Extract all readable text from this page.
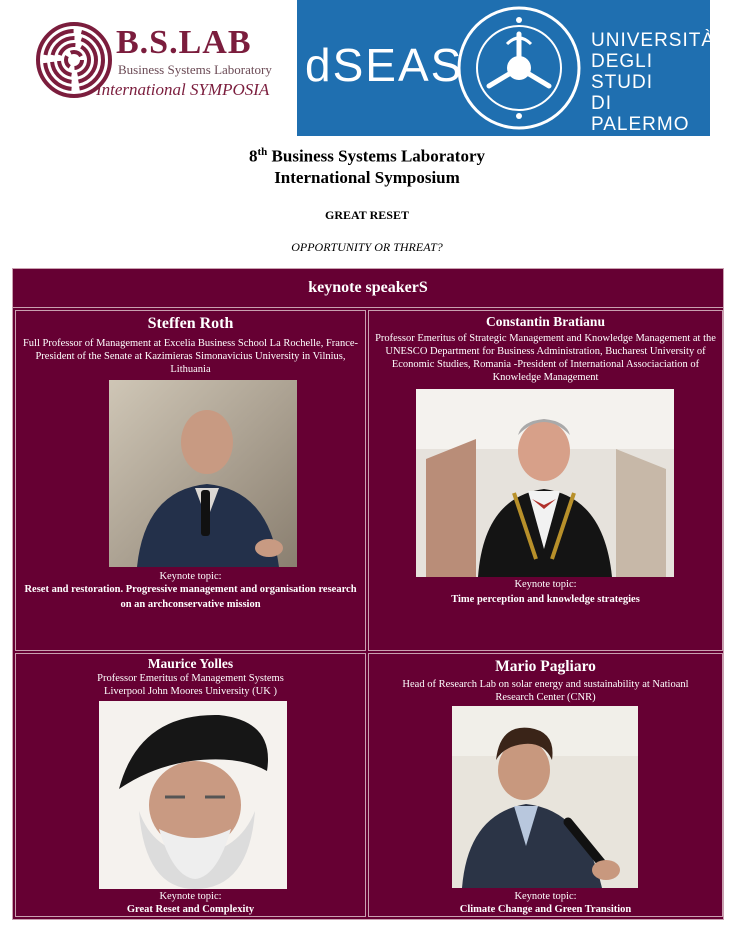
B.S.LAB
Business Systems Laboratory
International SYMPOSIA dSEAS	UNIVERSITÀ
DEGLI STUDI
DI PALERMO
8th Business Systems Laboratory
International Symposium
GREAT RESET
OPPORTUNITY OR THREAT?
keynote speakerS
Steffen Roth
Full Professor of Management at Excelia Business School La Rochelle, France- President of the Senate at Kazimieras Simonavicius University in Vilnius, Lithuania
Keynote topic:
Reset and restoration. Progressive management and organisation research on an archconservative mission
Constantin Bratianu
Professor Emeritus of Strategic Management and Knowledge Management at the UNESCO Department for Business Administration, Bucharest University of Economic Studies, Romania -President of International Associaciation of Knowledge Management
Keynote topic:
Time perception and knowledge strategies
Maurice Yolles
Professor Emeritus of Management Systems
Liverpool John Moores University (UK )
Keynote topic:
Great Reset and Complexity
Mario Pagliaro
Head of Research Lab on solar energy and sustainability at Natioanl Research Center (CNR)
Keynote topic:
Climate Change and Green Transition
